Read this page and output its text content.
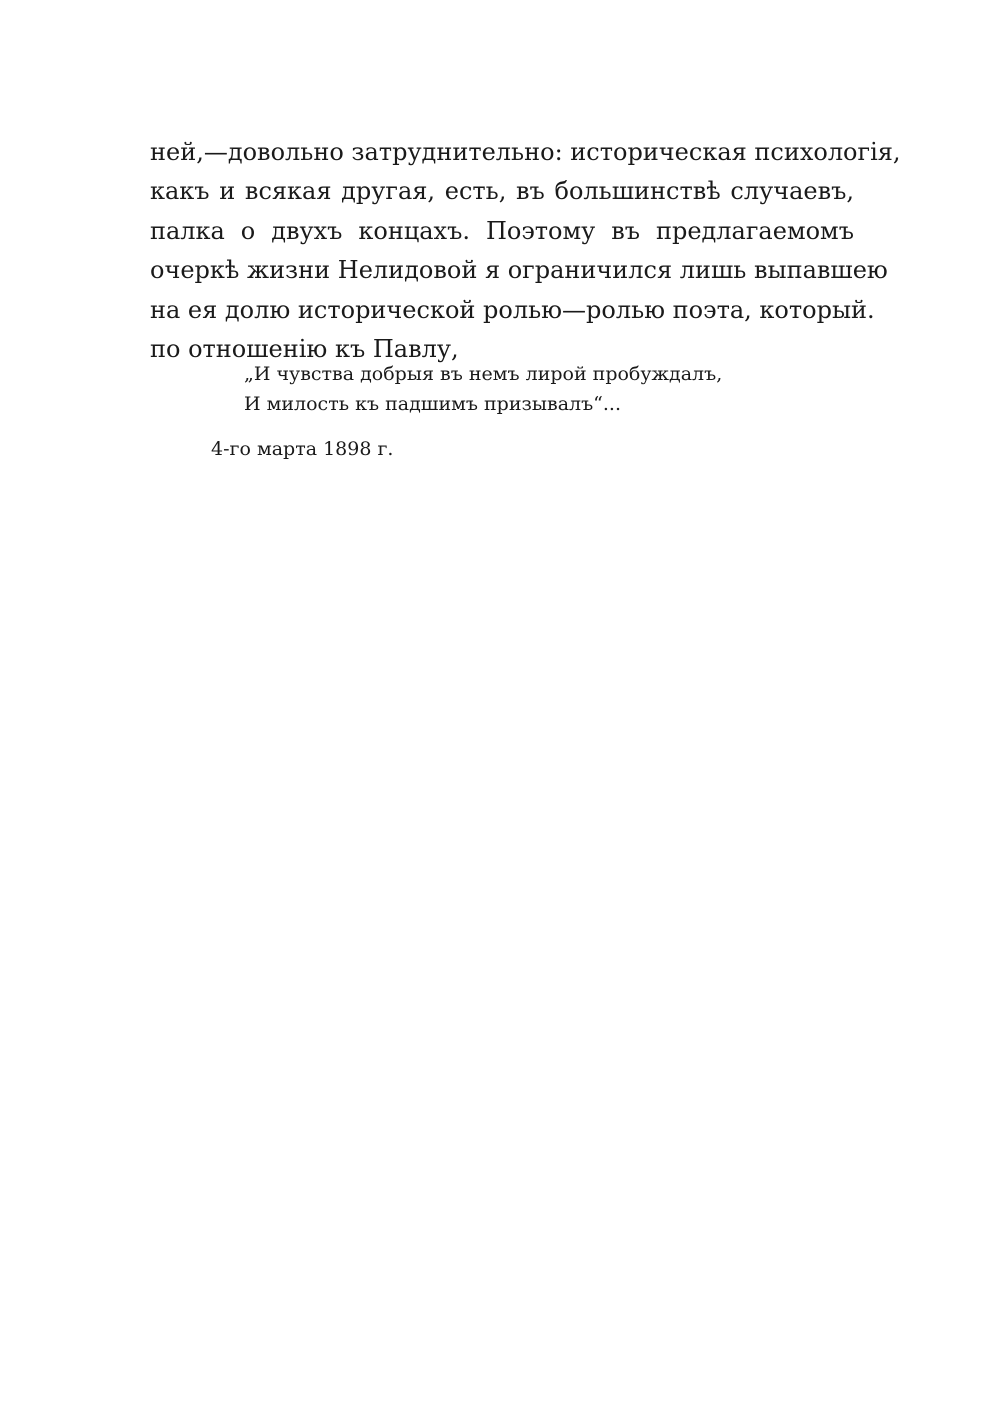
ней,—довольно затруднительно: историческая психологія,
какъ и всякая другая, есть, въ большинствѣ случаевъ,
палка о двухъ концахъ. Поэтому въ предлагаемомъ
очеркѣ жизни Нелидовой я ограничился лишь выпавшею
на ея долю исторической ролью—ролью поэта, который.
по отношенію къ Павлу,
„И чувства добрыя въ немъ лирой пробуждалъ,
И милость къ падшимъ призывалъ“...
4-го марта 1898 г.
